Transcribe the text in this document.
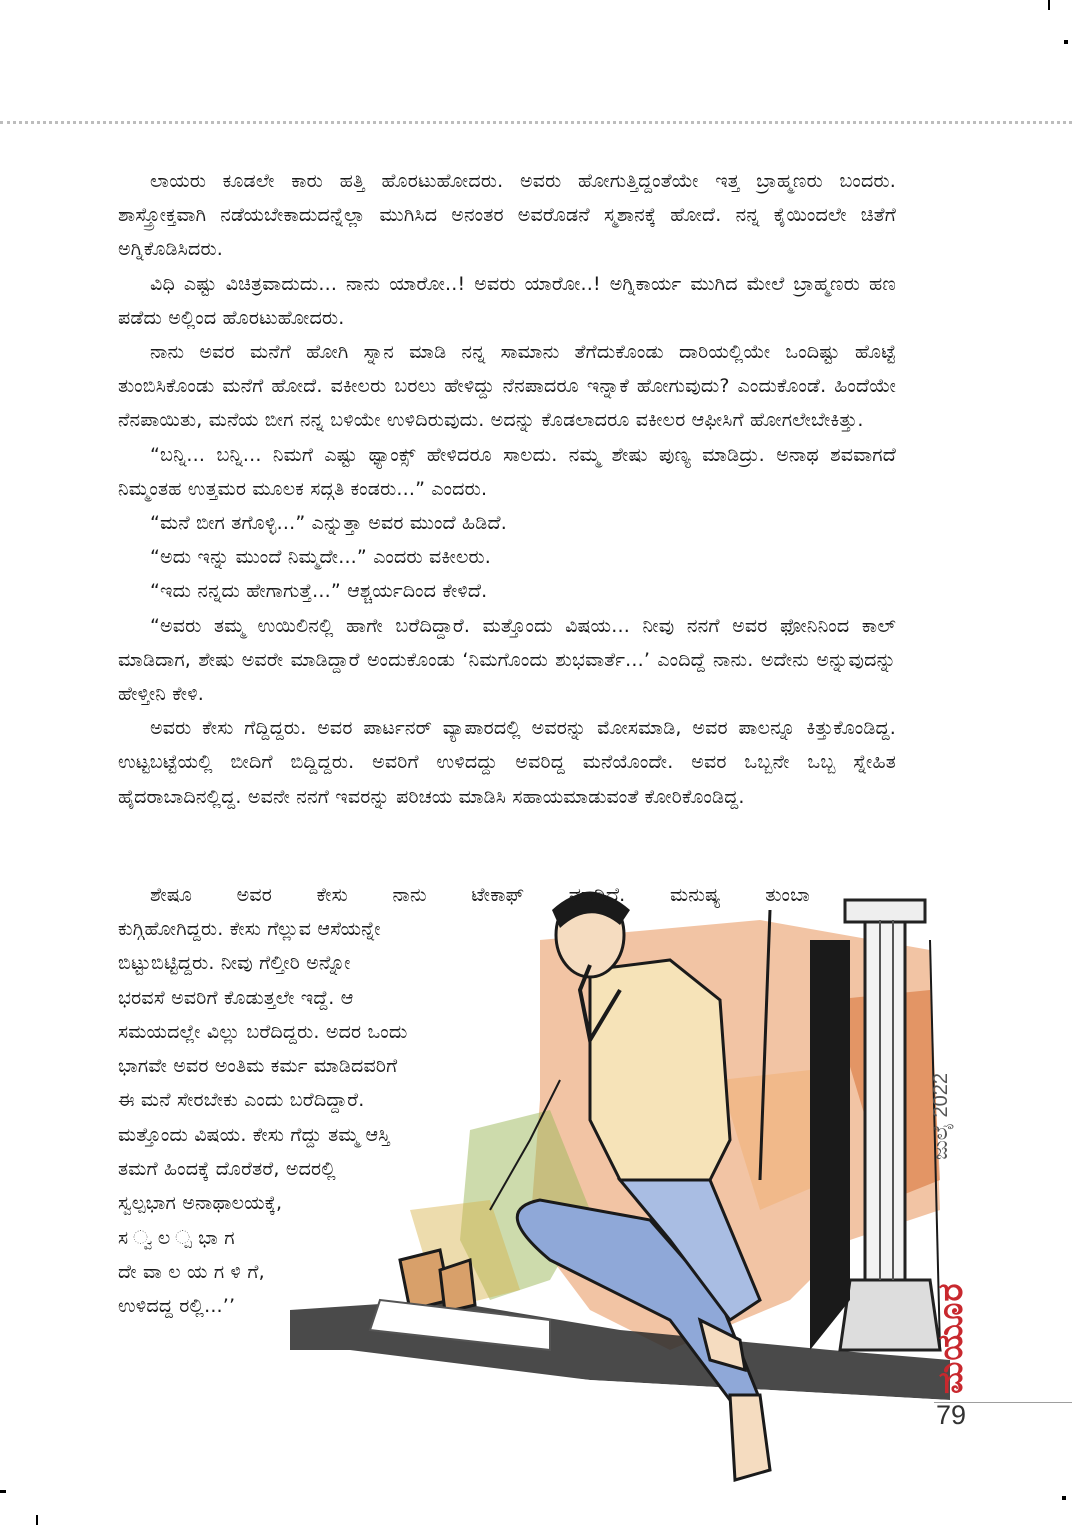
ಲಾಯರು ಕೂಡಲೇ ಕಾರು ಹತ್ತಿ ಹೊರಟುಹೋದರು. ಅವರು ಹೋಗುತ್ತಿದ್ದಂತೆಯೇ ಇತ್ತ ಬ್ರಾಹ್ಮಣರು ಬಂದರು. ಶಾಸ್ತ್ರೋಕ್ತವಾಗಿ ನಡೆಯಬೇಕಾದುದನ್ನೆಲ್ಲಾ ಮುಗಿಸಿದ ಅನಂತರ ಅವರೊಡನೆ ಸ್ಮಶಾನಕ್ಕೆ ಹೋದೆ. ನನ್ನ ಕೈಯಿಂದಲೇ ಚಿತೆಗೆ ಅಗ್ನಿಕೊಡಿಸಿದರು.

ವಿಧಿ ಎಷ್ಟು ವಿಚಿತ್ರವಾದುದು... ನಾನು ಯಾರೋ..! ಅವರು ಯಾರೋ..! ಅಗ್ನಿಕಾರ್ಯ ಮುಗಿದ ಮೇಲೆ ಬ್ರಾಹ್ಮಣರು ಹಣ ಪಡೆದು ಅಲ್ಲಿಂದ ಹೊರಟುಹೋದರು.

ನಾನು ಅವರ ಮನೆಗೆ ಹೋಗಿ ಸ್ನಾನ ಮಾಡಿ ನನ್ನ ಸಾಮಾನು ತೆಗೆದುಕೊಂಡು ದಾರಿಯಲ್ಲಿಯೇ ಒಂದಿಷ್ಟು ಹೊಟ್ಟೆ ತುಂಬಿಸಿಕೊಂಡು ಮನೆಗೆ ಹೋದೆ. ವಕೀಲರು ಬರಲು ಹೇಳಿದ್ದು ನೆನಪಾದರೂ ಇನ್ನಾಕೆ ಹೋಗುವುದು? ಎಂದುಕೊಂಡೆ. ಹಿಂದೆಯೇ ನೆನಪಾಯಿತು, ಮನೆಯ ಬೀಗ ನನ್ನ ಬಳಿಯೇ ಉಳಿದಿರುವುದು. ಅದನ್ನು ಕೊಡಲಾದರೂ ವಕೀಲರ ಆಫೀಸಿಗೆ ಹೋಗಲೇಬೇಕಿತ್ತು.

“ಬನ್ನಿ... ಬನ್ನಿ... ನಿಮಗೆ ಎಷ್ಟು ಥ್ಯಾಂಕ್ಸ್ ಹೇಳಿದರೂ ಸಾಲದು. ನಮ್ಮ ಶೇಷು ಪುಣ್ಯ ಮಾಡಿದ್ರು. ಅನಾಥ ಶವವಾಗದೆ ನಿಮ್ಮಂತಹ ಉತ್ತಮರ ಮೂಲಕ ಸದ್ಗತಿ ಕಂಡರು...” ಎಂದರು.

“ಮನೆ ಬೀಗ ತಗೊಳ್ಳಿ...” ಎನ್ನುತ್ತಾ ಅವರ ಮುಂದೆ ಹಿಡಿದೆ.

“ಅದು ಇನ್ನು ಮುಂದೆ ನಿಮ್ಮದೇ...” ಎಂದರು ವಕೀಲರು.

“ಇದು ನನ್ನದು ಹೇಗಾಗುತ್ತೆ...” ಆಶ್ಚರ್ಯದಿಂದ ಕೇಳಿದೆ.

“ಅವರು ತಮ್ಮ ಉಯಿಲಿನಲ್ಲಿ ಹಾಗೇ ಬರೆದಿದ್ದಾರೆ. ಮತ್ತೊಂದು ವಿಷಯ... ನೀವು ನನಗೆ ಅವರ ಫೋನಿನಿಂದ ಕಾಲ್ ಮಾಡಿದಾಗ, ಶೇಷು ಅವರೇ ಮಾಡಿದ್ದಾರೆ ಅಂದುಕೊಂಡು ‘ನಿಮಗೊಂದು ಶುಭವಾರ್ತೆ...’ ಎಂದಿದ್ದೆ ನಾನು. ಅದೇನು ಅನ್ನುವುದನ್ನು ಹೇಳ್ತೀನಿ ಕೇಳಿ.

ಅವರು ಕೇಸು ಗೆದ್ದಿದ್ದರು. ಅವರ ಪಾರ್ಟನರ್ ವ್ಯಾಪಾರದಲ್ಲಿ ಅವರನ್ನು ಮೋಸಮಾಡಿ, ಅವರ ಪಾಲನ್ನೂ ಕಿತ್ತುಕೊಂಡಿದ್ದ. ಉಟ್ಟಬಟ್ಟೆಯಲ್ಲಿ ಬೀದಿಗೆ ಬಿದ್ದಿದ್ದರು. ಅವರಿಗೆ ಉಳಿದದ್ದು ಅವರಿದ್ದ ಮನೆಯೊಂದೇ. ಅವರ ಒಬ್ಬನೇ ಒಬ್ಬ ಸ್ನೇಹಿತ ಹೈದರಾಬಾದಿನಲ್ಲಿದ್ದ. ಅವನೇ ನನಗೆ ಇವರನ್ನು ಪರಿಚಯ ಮಾಡಿಸಿ ಸಹಾಯಮಾಡುವಂತೆ ಕೋರಿಕೊಂಡಿದ್ದ.

ಶೇಷೂ ಅವರ ಕೇಸು ನಾನು ಟೇಕಾಫ್ ಮಾಡಿದೆ. ಮನುಷ್ಯ ತುಂಬಾ

ಕುಗ್ಗಿಹೋಗಿದ್ದರು. ಕೇಸು ಗೆಲ್ಲುವ ಆಸೆಯನ್ನೇ

ಬಿಟ್ಟುಬಿಟ್ಟಿದ್ದರು. ನೀವು ಗೆಲ್ತೀರಿ ಅನ್ನೋ

ಭರವಸೆ ಅವರಿಗೆ ಕೊಡುತ್ತಲೇ ಇದ್ದೆ. ಆ

ಸಮಯದಲ್ಲೇ ವಿಲ್ಲು ಬರೆದಿದ್ದರು. ಅದರ ಒಂದು

ಭಾಗವೇ ಅವರ ಅಂತಿಮ ಕರ್ಮ ಮಾಡಿದವರಿಗೆ

ಈ ಮನೆ ಸೇರಬೇಕು ಎಂದು ಬರೆದಿದ್ದಾರೆ.

ಮತ್ತೊಂದು ವಿಷಯ. ಕೇಸು ಗೆದ್ದು ತಮ್ಮ ಆಸ್ತಿ

ತಮಗೆ ಹಿಂದಕ್ಕೆ ದೊರೆತರೆ, ಅದರಲ್ಲಿ

ಸ್ವಲ್ಪಭಾಗ ಅನಾಥಾಲಯಕ್ಕೆ,

ಸ ್ವ ಲ ್ಪ ಭಾ ಗ

ದೇ ವಾ ಲ ಯ ಗ ಳಿ ಗೆ,

ಉಳಿದದ್ದ ರಲ್ಲಿ...’’

ಜುಲೈ 2022
ಮಯೂರ
79
